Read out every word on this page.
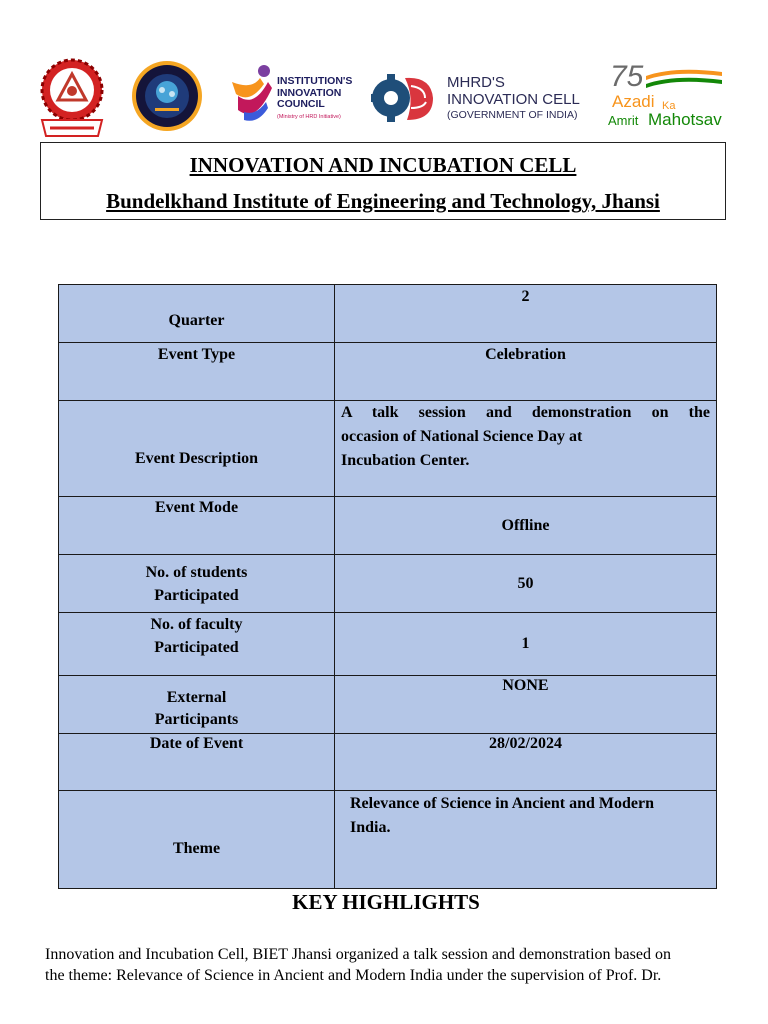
INSTITUTION'S
INNOVATION
COUNCIL
(Ministry of HRD Initiative)
MHRD'S
INNOVATION CELL
(GOVERNMENT OF INDIA)
75
Azadi Ka
Amrit Mahotsav
INNOVATION AND INCUBATION CELL
Bundelkhand Institute of Engineering and Technology, Jhansi
Quarter	2
Event Type	Celebration
Event Description	A talk session and demonstration on the
occasion of National Science Day at
Incubation Center.

Event Mode	Offline

No. of students
Participated	50

No. of faculty
Participated	1

External
Participants	NONE
Date of Event	28/02/2024
Theme	Relevance of Science in Ancient and Modern
India.
KEY HIGHLIGHTS
Innovation and Incubation Cell, BIET Jhansi organized a talk session and demonstration based on
the theme: Relevance of Science in Ancient and Modern India under the supervision of Prof. Dr.
